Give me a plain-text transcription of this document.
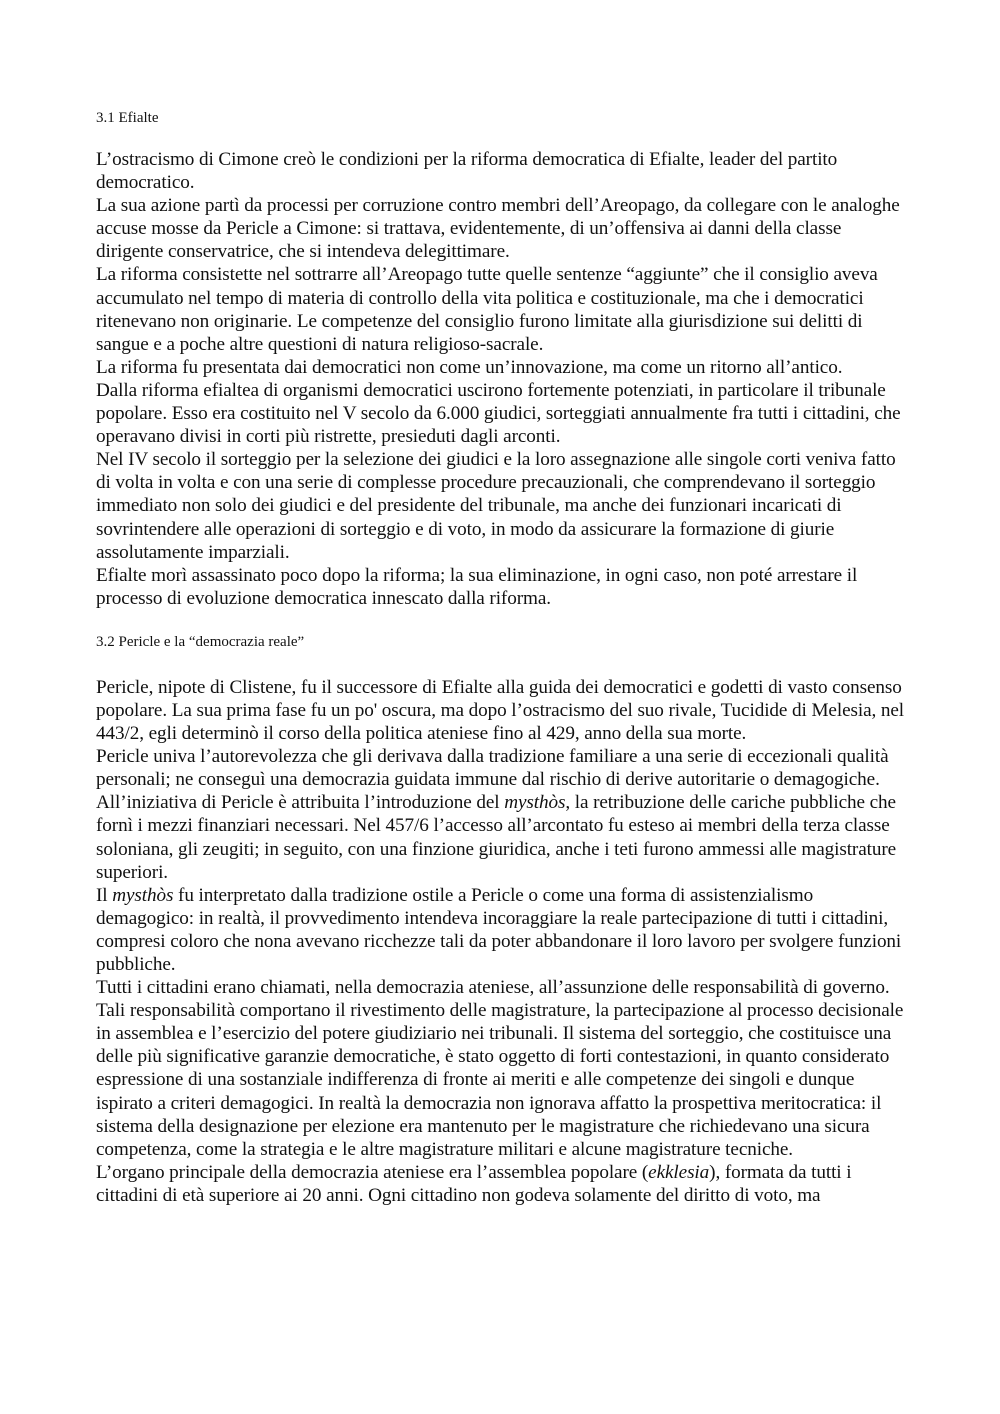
3.1 Efialte

L’ostracismo di Cimone creò le condizioni per la riforma democratica di Efialte, leader del partito democratico.

La sua azione partì da processi per corruzione contro membri dell’Areopago, da collegare con le analoghe accuse mosse da Pericle a Cimone: si trattava, evidentemente, di un’offensiva ai danni della classe dirigente conservatrice, che si intendeva delegittimare.

La riforma consistette nel sottrarre all’Areopago tutte quelle sentenze “aggiunte” che il consiglio aveva accumulato nel tempo di materia di controllo della vita politica e costituzionale, ma che i democratici ritenevano non originarie. Le competenze del consiglio furono limitate alla giurisdizione sui delitti di sangue e a poche altre questioni di natura religioso-sacrale.

La riforma fu presentata dai democratici non come un’innovazione, ma come un ritorno all’antico.

Dalla riforma efialtea di organismi democratici uscirono fortemente potenziati, in particolare il tribunale popolare. Esso era costituito nel V secolo da 6.000 giudici, sorteggiati annualmente fra tutti i cittadini, che operavano divisi in corti più ristrette, presieduti dagli arconti.

Nel IV secolo il sorteggio per la selezione dei giudici e la loro assegnazione alle singole corti veniva fatto di volta in volta e con una serie di complesse procedure precauzionali, che comprendevano il sorteggio immediato non solo dei giudici e del presidente del tribunale, ma anche dei funzionari incaricati di sovrintendere alle operazioni di sorteggio e di voto, in modo da assicurare la formazione di giurie assolutamente imparziali.

Efialte morì assassinato poco dopo la riforma; la sua eliminazione, in ogni caso, non poté arrestare il processo di evoluzione democratica innescato dalla riforma.

3.2 Pericle e la “democrazia reale”

Pericle, nipote di Clistene, fu il successore di Efialte alla guida dei democratici e godetti di vasto consenso popolare. La sua prima fase fu un po' oscura, ma dopo l’ostracismo del suo rivale, Tucidide di Melesia, nel 443/2, egli determinò il corso della politica ateniese fino al 429, anno della sua morte.

Pericle univa l’autorevolezza che gli derivava dalla tradizione familiare a una serie di eccezionali qualità personali; ne conseguì una democrazia guidata immune dal rischio di derive autoritarie o demagogiche.

All’iniziativa di Pericle è attribuita l’introduzione del mysthòs, la retribuzione delle cariche pubbliche che fornì i mezzi finanziari necessari. Nel 457/6 l’accesso all’arcontato fu esteso ai membri della terza classe soloniana, gli zeugiti; in seguito, con una finzione giuridica, anche i teti furono ammessi alle magistrature superiori.

Il mysthòs fu interpretato dalla tradizione ostile a Pericle o come una forma di assistenzialismo demagogico: in realtà, il provvedimento intendeva incoraggiare la reale partecipazione di tutti i cittadini, compresi coloro che nona avevano ricchezze tali da poter abbandonare il loro lavoro per svolgere funzioni pubbliche.

Tutti i cittadini erano chiamati, nella democrazia ateniese, all’assunzione delle responsabilità di governo. Tali responsabilità comportano il rivestimento delle magistrature, la partecipazione al processo decisionale in assemblea e l’esercizio del potere giudiziario nei tribunali. Il sistema del sorteggio, che costituisce una delle più significative garanzie democratiche, è stato oggetto di forti contestazioni, in quanto considerato espressione di una sostanziale indifferenza di fronte ai meriti e alle competenze dei singoli e dunque ispirato a criteri demagogici. In realtà la democrazia non ignorava affatto la prospettiva meritocratica: il sistema della designazione per elezione era mantenuto per le magistrature che richiedevano una sicura competenza, come la strategia e le altre magistrature militari e alcune magistrature tecniche.

L’organo principale della democrazia ateniese era l’assemblea popolare (ekklesia), formata da tutti i cittadini di età superiore ai 20 anni. Ogni cittadino non godeva solamente del diritto di voto, ma
